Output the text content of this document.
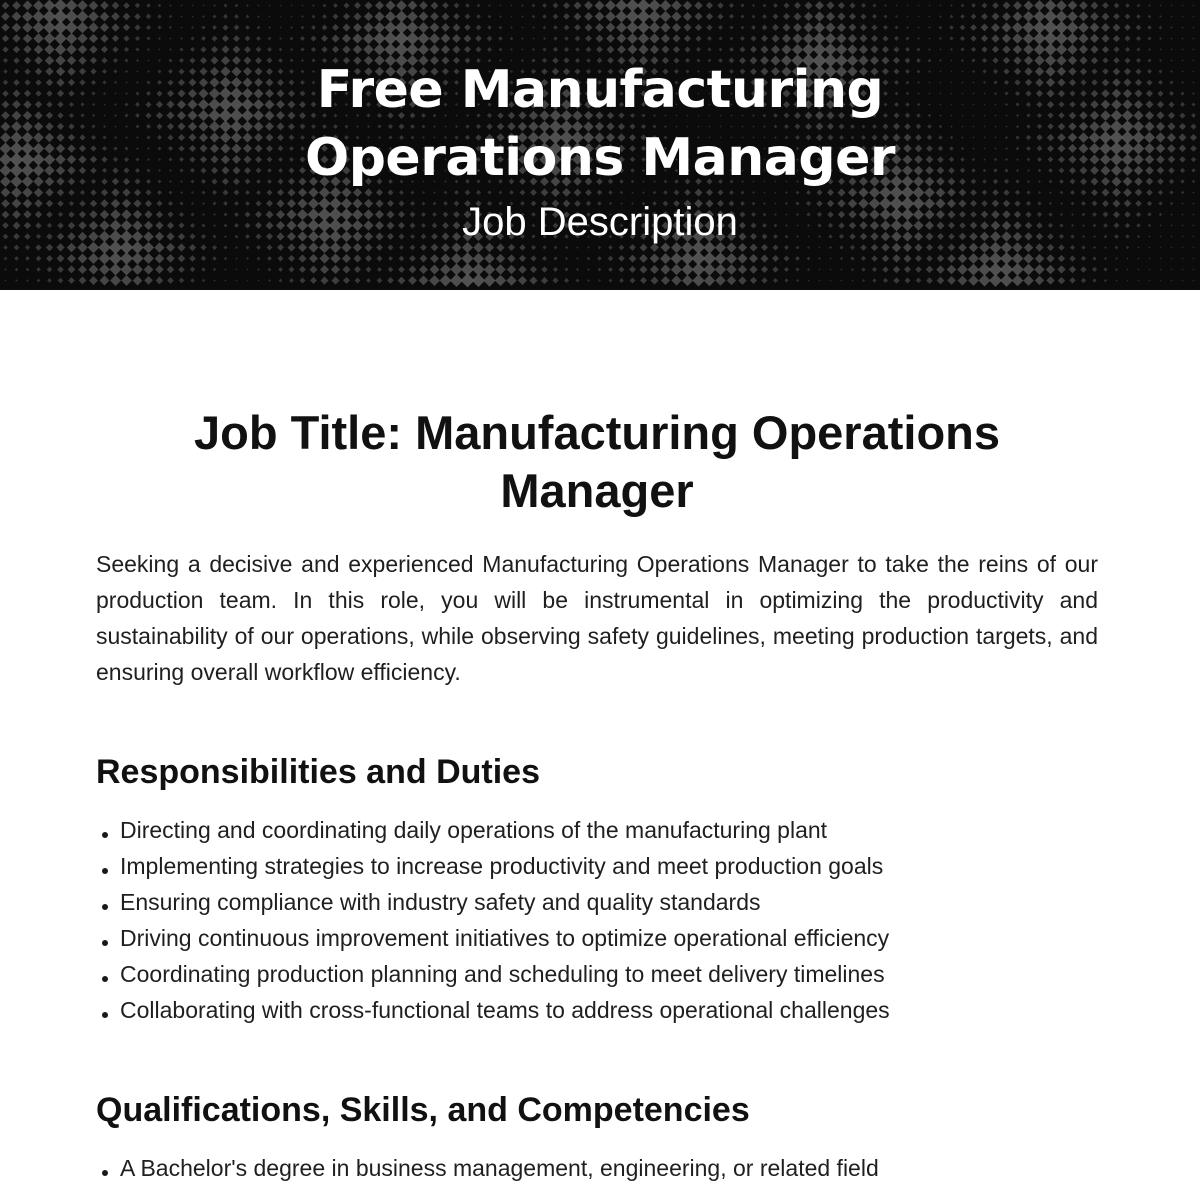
Free Manufacturing
Operations Manager
Job Description
Job Title: Manufacturing Operations Manager

Seeking a decisive and experienced Manufacturing Operations Manager to take the reins of our production team. In this role, you will be instrumental in optimizing the productivity and sustainability of our operations, while observing safety guidelines, meeting production targets, and ensuring overall workflow efficiency.

Responsibilities and Duties
Directing and coordinating daily operations of the manufacturing plant
Implementing strategies to increase productivity and meet production goals
Ensuring compliance with industry safety and quality standards
Driving continuous improvement initiatives to optimize operational efficiency
Coordinating production planning and scheduling to meet delivery timelines
Collaborating with cross-functional teams to address operational challenges
Qualifications, Skills, and Competencies
A Bachelor's degree in business management, engineering, or related field
